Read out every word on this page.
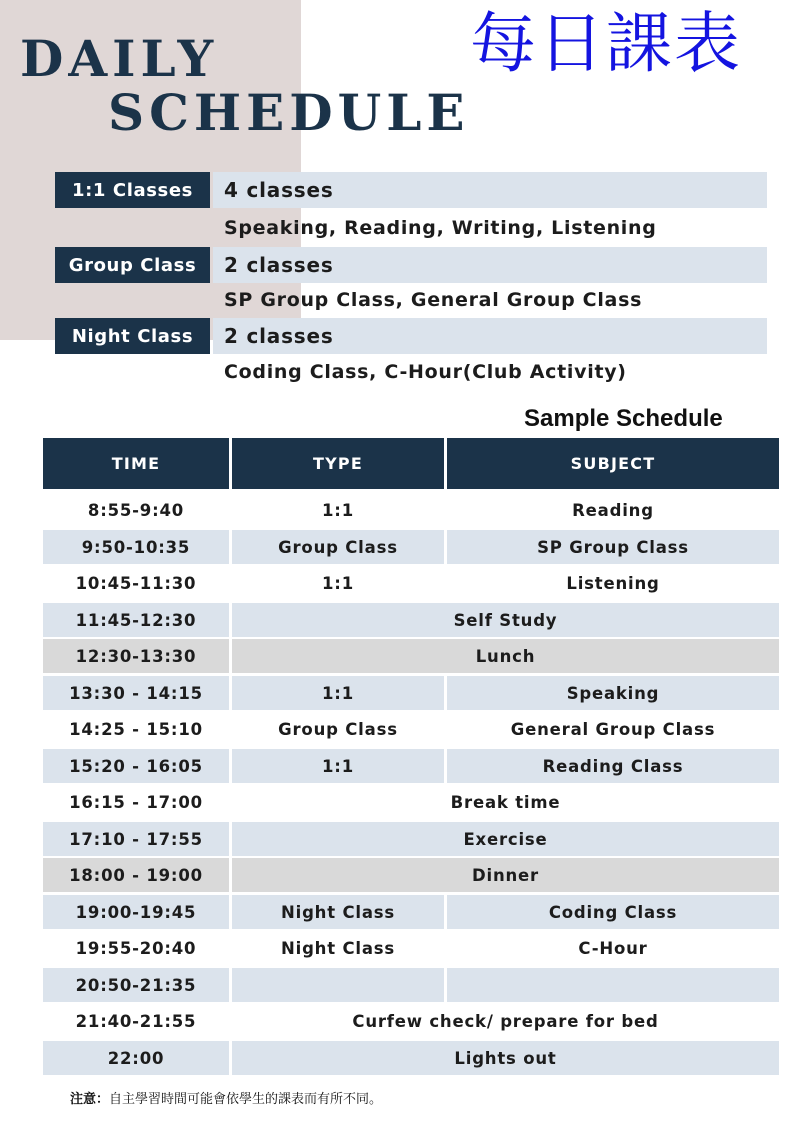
DAILY
SCHEDULE
每日課表
1:1 Classes	4 classes
Speaking, Reading, Writing, Listening
Group Class	2 classes
SP Group Class, General Group Class
Night Class	2 classes
Coding Class, C-Hour(Club Activity)
Sample Schedule
TIME	TYPE	SUBJECT
8:55-9:40	1:1	Reading
9:50-10:35	Group Class	SP Group Class
10:45-11:30	1:1	Listening
11:45-12:30	Self Study
12:30-13:30	Lunch
13:30 - 14:15	1:1	Speaking
14:25 - 15:10	Group Class	General Group Class
15:20 - 16:05	1:1	Reading Class
16:15 - 17:00	Break time
17:10 - 17:55	Exercise
18:00 - 19:00	Dinner
19:00-19:45	Night Class	Coding Class
19:55-20:40	Night Class	C-Hour
20:50-21:35
21:40-21:55	Curfew check/ prepare for bed
22:00	Lights out
注意：自主學習時間可能會依學生的課表而有所不同。
